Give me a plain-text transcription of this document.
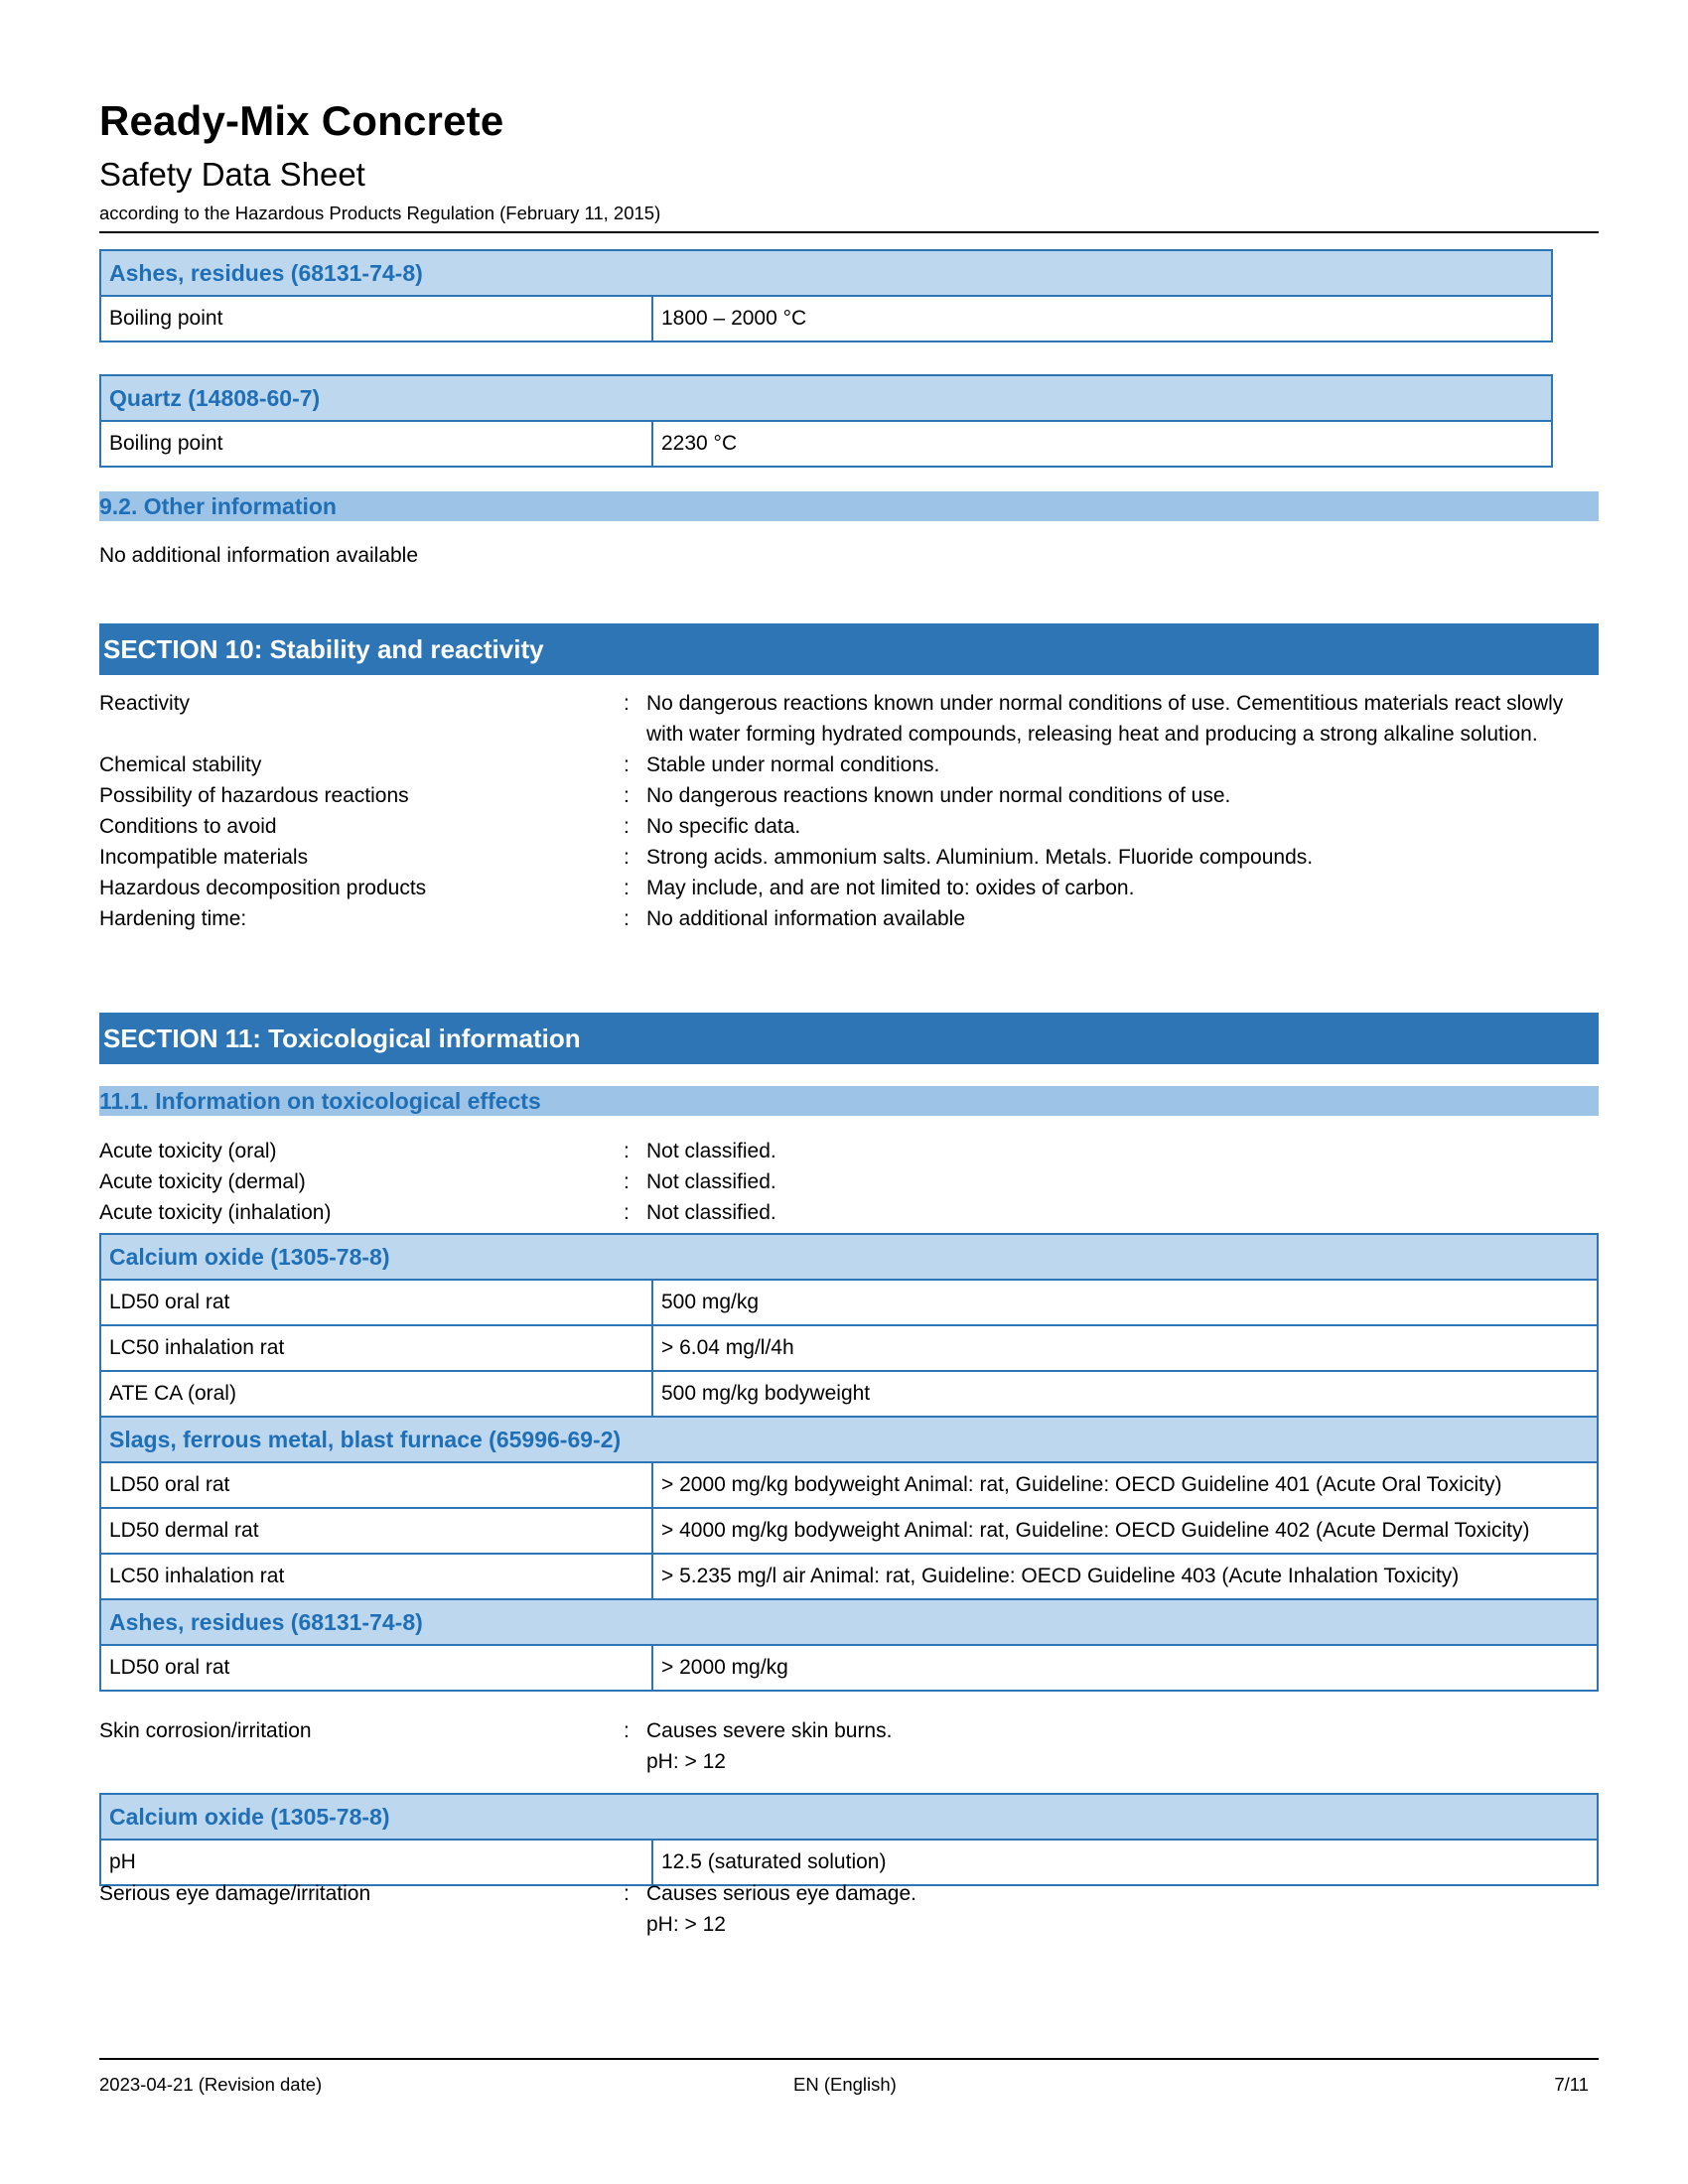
Ready-Mix Concrete
Safety Data Sheet
according to the Hazardous Products Regulation (February 11, 2015)
Ashes, residues (68131-74-8)
Boiling point	1800 – 2000 °C
Quartz (14808-60-7)
Boiling point	2230 °C
9.2. Other information
No additional information available
SECTION 10: Stability and reactivity
Reactivity	: No dangerous reactions known under normal conditions of use. Cementitious materials react slowly with water forming hydrated compounds, releasing heat and producing a strong alkaline solution.
Chemical stability	: Stable under normal conditions.
Possibility of hazardous reactions	: No dangerous reactions known under normal conditions of use.
Conditions to avoid	: No specific data.
Incompatible materials	: Strong acids. ammonium salts. Aluminium. Metals. Fluoride compounds.
Hazardous decomposition products	: May include, and are not limited to: oxides of carbon.
Hardening time:	: No additional information available
SECTION 11: Toxicological information
11.1. Information on toxicological effects
Acute toxicity (oral)	: Not classified.
Acute toxicity (dermal)	: Not classified.
Acute toxicity (inhalation)	: Not classified.
Calcium oxide (1305-78-8)	
LD50 oral rat	500 mg/kg
LC50 inhalation rat	> 6.04 mg/l/4h
ATE CA (oral)	500 mg/kg bodyweight
Slags, ferrous metal, blast furnace (65996-69-2)	
LD50 oral rat	> 2000 mg/kg bodyweight Animal: rat, Guideline: OECD Guideline 401 (Acute Oral Toxicity)
LD50 dermal rat	> 4000 mg/kg bodyweight Animal: rat, Guideline: OECD Guideline 402 (Acute Dermal Toxicity)
LC50 inhalation rat	> 5.235 mg/l air Animal: rat, Guideline: OECD Guideline 403 (Acute Inhalation Toxicity)
Ashes, residues (68131-74-8)	
LD50 oral rat	> 2000 mg/kg
Skin corrosion/irritation	: Causes severe skin burns.
pH: > 12
Calcium oxide (1305-78-8)
pH	12.5 (saturated solution)
Serious eye damage/irritation	: Causes serious eye damage.
pH: > 12
2023-04-21 (Revision date)	EN (English)	7/11
